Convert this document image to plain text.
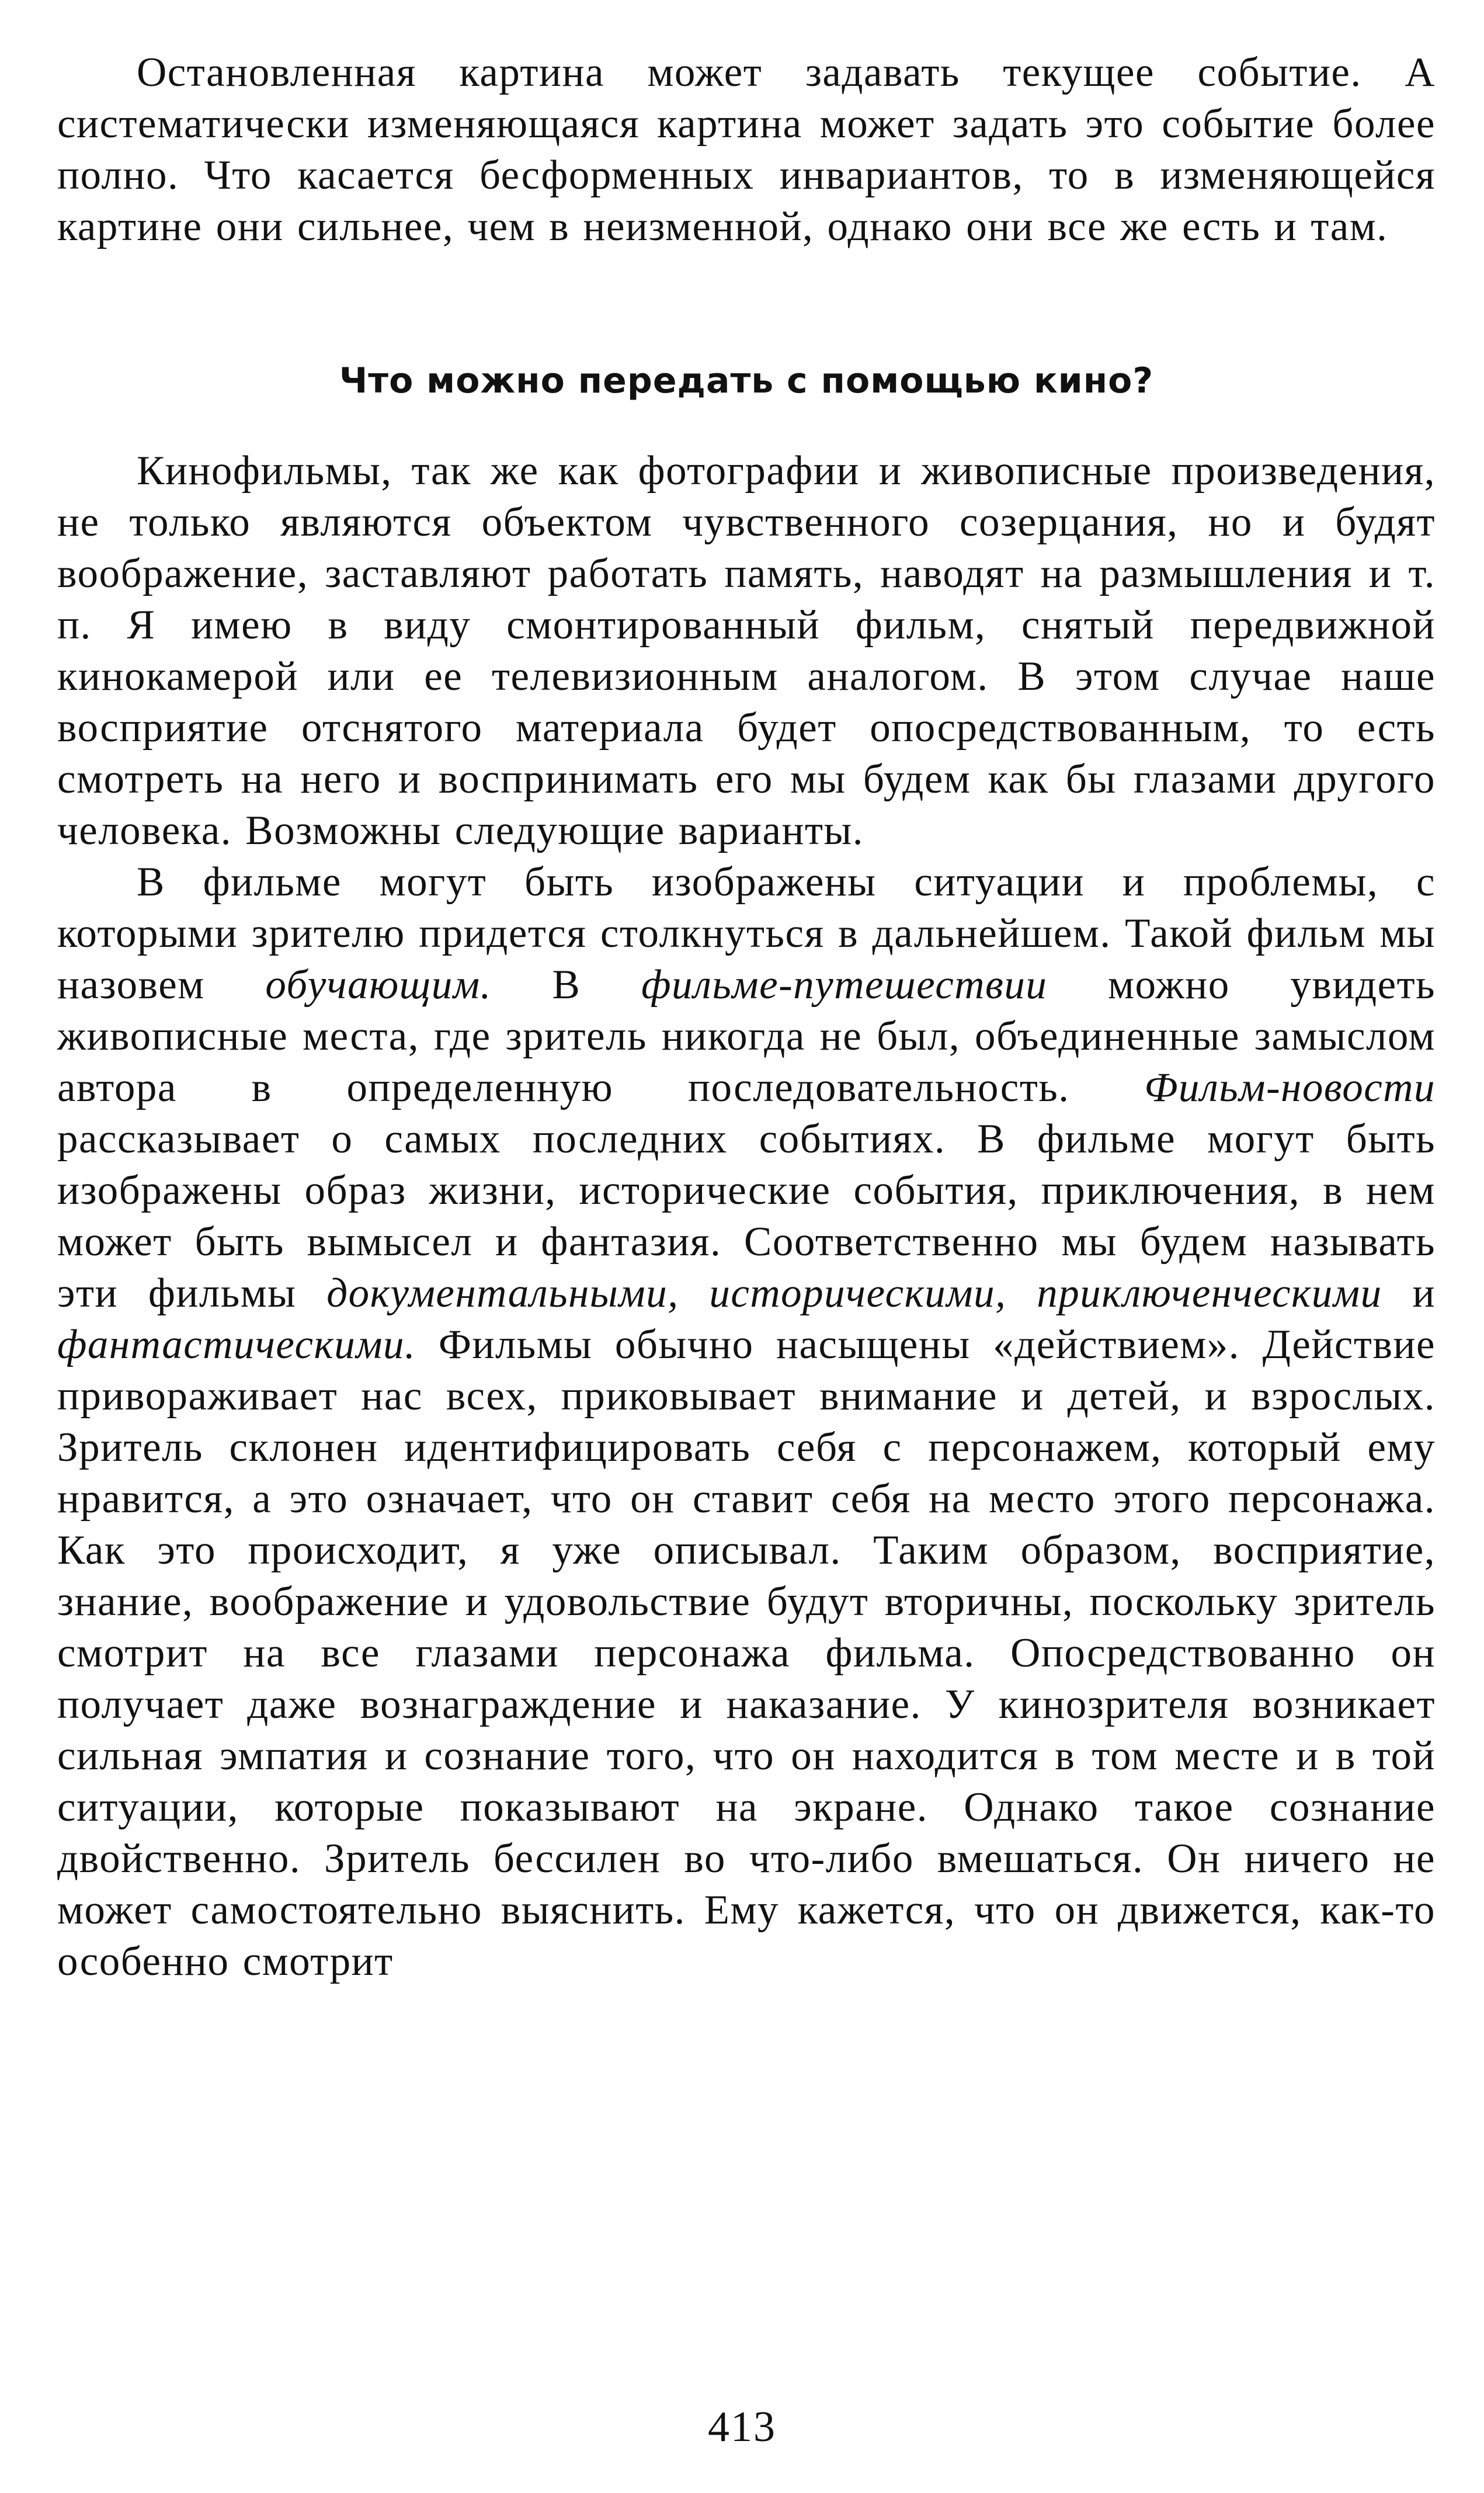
Остановленная картина может задавать текущее событие. А систематически изменяющаяся картина может задать это событие более полно. Что касается бесформенных инвариантов, то в изменяющейся картине они сильнее, чем в неизменной, однако они все же есть и там.

Что можно передать с помощью кино?

Кинофильмы, так же как фотографии и живописные произведения, не только являются объектом чувственного созерцания, но и будят воображение, заставляют работать память, наводят на размышления и т. п. Я имею в виду смонтированный фильм, снятый передвижной кинокамерой или ее телевизионным аналогом. В этом случае наше восприятие отснятого материала будет опосредствованным, то есть смотреть на него и воспринимать его мы будем как бы глазами другого человека. Возможны следующие варианты.

В фильме могут быть изображены ситуации и проблемы, с которыми зрителю придется столкнуться в дальнейшем. Такой фильм мы назовем обучающим. В фильме-путешествии можно увидеть живописные места, где зритель никогда не был, объединенные замыслом автора в определенную последовательность. Фильм-новости рассказывает о самых последних событиях. В фильме могут быть изображены образ жизни, исторические события, приключения, в нем может быть вымысел и фантазия. Соответственно мы будем называть эти фильмы документальными, историческими, приключенческими и фантастическими. Фильмы обычно насыщены «действием». Действие привораживает нас всех, приковывает внимание и детей, и взрослых. Зритель склонен идентифицировать себя с персонажем, который ему нравится, а это означает, что он ставит себя на место этого персонажа. Как это происходит, я уже описывал. Таким образом, восприятие, знание, воображение и удовольствие будут вторичны, поскольку зритель смотрит на все глазами персонажа фильма. Опосредствованно он получает даже вознаграждение и наказание. У кинозрителя возникает сильная эмпатия и сознание того, что он находится в том месте и в той ситуации, которые показывают на экране. Однако такое сознание двойственно. Зритель бессилен во что-либо вмешаться. Он ничего не может самостоятельно выяснить. Ему кажется, что он движется, как-то особенно смотрит

413
